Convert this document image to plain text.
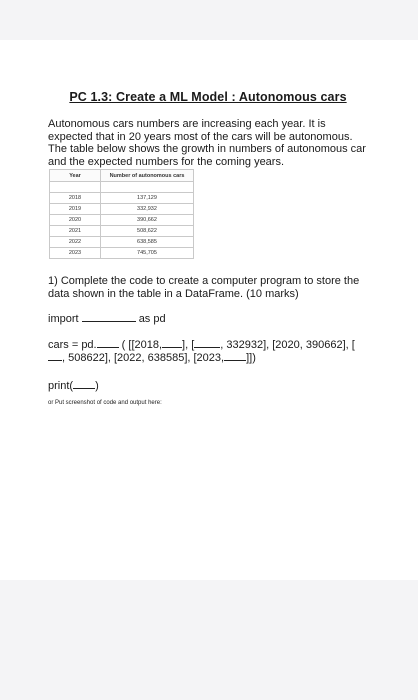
PC 1.3: Create a ML Model : Autonomous cars

Autonomous cars numbers are increasing each year. It is expected that in 20 years most of the cars will be autonomous. The table below shows the growth in numbers of autonomous car and the expected numbers for the coming years.

Year	Number of autonomous cars

2018	137,129
2019	332,932
2020	390,662
2021	508,622
2022	638,585
2023	745,705

1) Complete the code to create a computer program to store the data shown in the table in a DataFrame. (10 marks)

import	as pd

cars = pd. ( [[2018, ], [ , 332932], [2020, 390662], [, 508622], [2022, 638585], [2023, ]])

print( )

or Put screenshot of code and output here:
